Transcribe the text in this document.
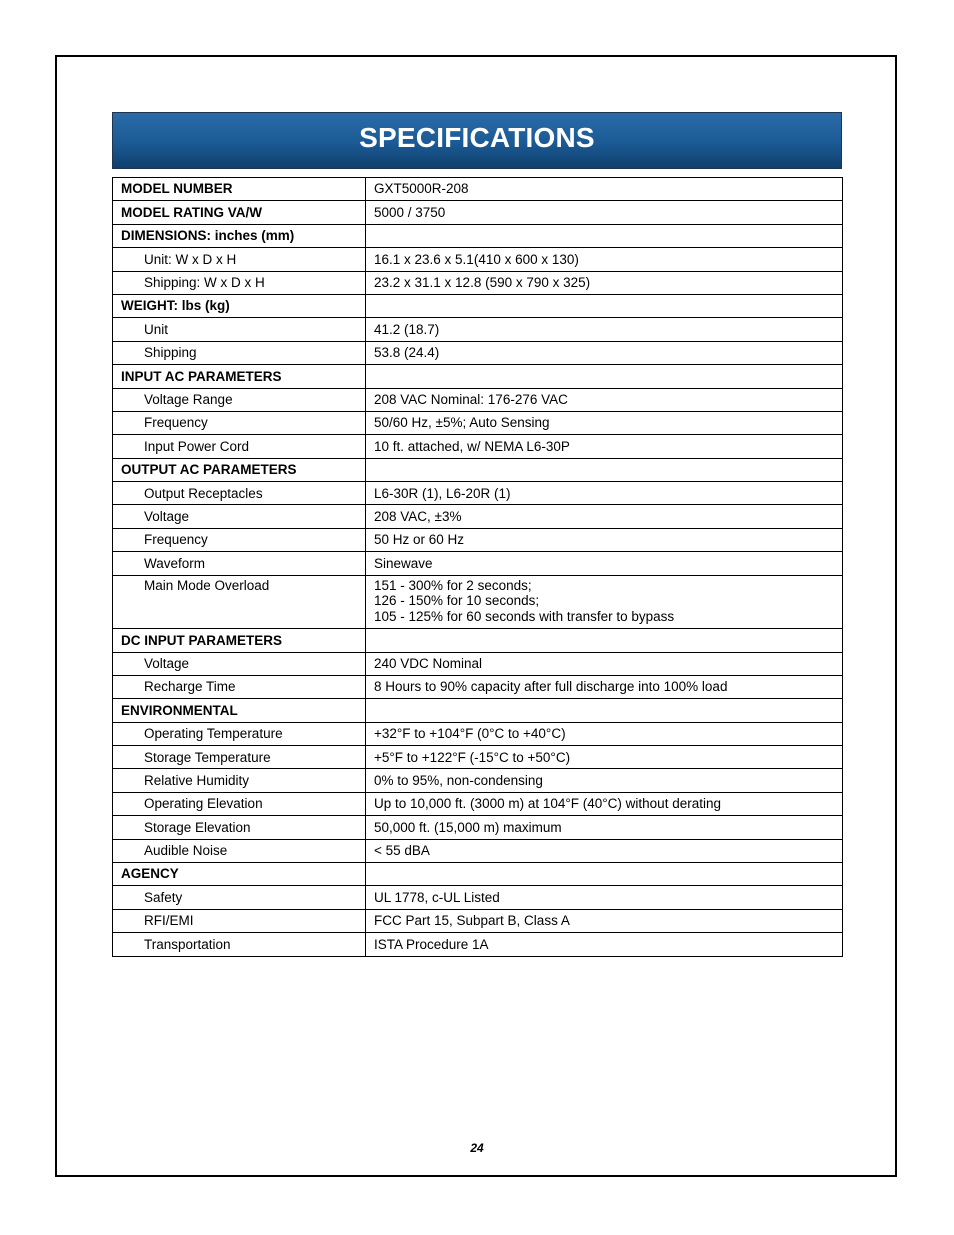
SPECIFICATIONS
MODEL NUMBER	GXT5000R-208
MODEL RATING VA/W	5000 / 3750
DIMENSIONS: inches (mm)	
Unit: W x D x H	16.1 x 23.6 x 5.1(410 x 600 x 130)
Shipping: W x D x H	23.2 x 31.1 x 12.8 (590 x 790 x 325)
WEIGHT: lbs (kg)	
Unit	41.2 (18.7)
Shipping	53.8 (24.4)
INPUT AC PARAMETERS	
Voltage Range	208 VAC Nominal: 176-276 VAC
Frequency	50/60 Hz, ±5%; Auto Sensing
Input Power Cord	10 ft. attached, w/ NEMA L6-30P
OUTPUT AC PARAMETERS	
Output Receptacles	L6-30R (1), L6-20R (1)
Voltage	208 VAC, ±3%
Frequency	50 Hz or 60 Hz
Waveform	Sinewave
Main Mode Overload	151 - 300% for 2 seconds;
126 - 150% for 10 seconds;
105 - 125% for 60 seconds with transfer to bypass

DC INPUT PARAMETERS	
Voltage	240 VDC Nominal
Recharge Time	8 Hours to 90% capacity after full discharge into 100% load
ENVIRONMENTAL	
Operating Temperature	+32°F to +104°F (0°C to +40°C)
Storage Temperature	+5°F to +122°F (-15°C to +50°C)
Relative Humidity	0% to 95%, non-condensing
Operating Elevation	Up to 10,000 ft. (3000 m) at 104°F (40°C) without derating
Storage Elevation	50,000 ft. (15,000 m) maximum
Audible Noise	< 55 dBA
AGENCY	
Safety	UL 1778, c-UL Listed
RFI/EMI	FCC Part 15, Subpart B, Class A
Transportation	ISTA Procedure 1A
24
